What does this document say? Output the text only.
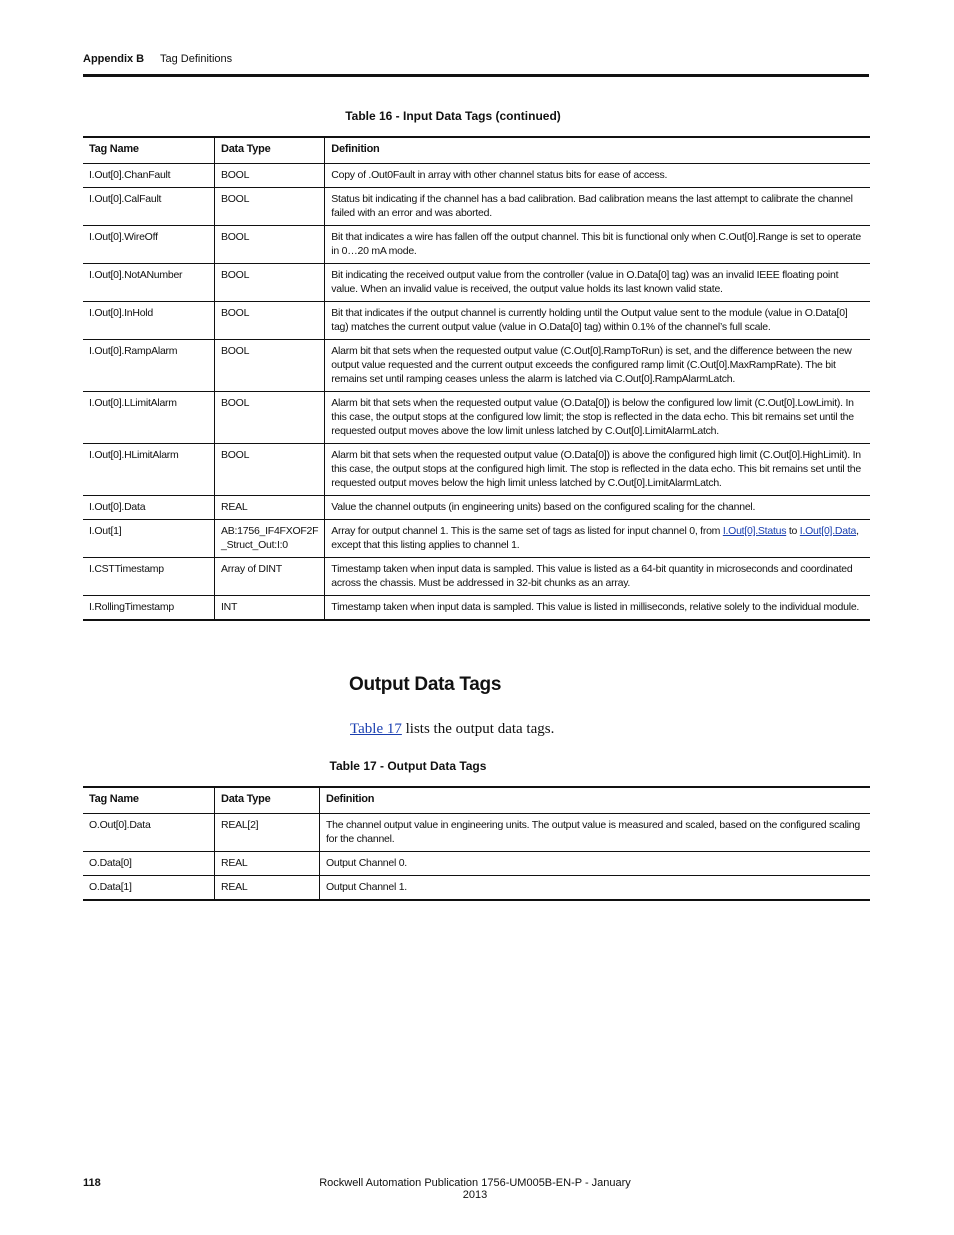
Appendix B Tag Definitions
Table 16 - Input Data Tags (continued)
Tag Name	Data Type	Definition
I.Out[0].ChanFault	BOOL	Copy of .Out0Fault in array with other channel status bits for ease of access.
I.Out[0].CalFault	BOOL	Status bit indicating if the channel has a bad calibration. Bad calibration means the last attempt to calibrate the channel failed with an error and was aborted.
I.Out[0].WireOff	BOOL	Bit that indicates a wire has fallen off the output channel. This bit is functional only when C.Out[0].Range is set to operate in 0…20 mA mode.
I.Out[0].NotANumber	BOOL	Bit indicating the received output value from the controller (value in O.Data[0] tag) was an invalid IEEE floating point value. When an invalid value is received, the output value holds its last known valid state.
I.Out[0].InHold	BOOL	Bit that indicates if the output channel is currently holding until the Output value sent to the module (value in O.Data[0] tag) matches the current output value (value in O.Data[0] tag) within 0.1% of the channel’s full scale.
I.Out[0].RampAlarm	BOOL	Alarm bit that sets when the requested output value (C.Out[0].RampToRun) is set, and the difference between the new output value requested and the current output exceeds the configured ramp limit (C.Out[0].MaxRampRate). The bit remains set until ramping ceases unless the alarm is latched via C.Out[0].RampAlarmLatch.
I.Out[0].LLimitAlarm	BOOL	Alarm bit that sets when the requested output value (O.Data[0]) is below the configured low limit (C.Out[0].LowLimit). In this case, the output stops at the configured low limit; the stop is reflected in the data echo. This bit remains set until the requested output moves above the low limit unless latched by C.Out[0].LimitAlarmLatch.
I.Out[0].HLimitAlarm	BOOL	Alarm bit that sets when the requested output value (O.Data[0]) is above the configured high limit (C.Out[0].HighLimit). In this case, the output stops at the configured high limit. The stop is reflected in the data echo. This bit remains set until the requested output moves below the high limit unless latched by C.Out[0].LimitAlarmLatch.
I.Out[0].Data	REAL	Value the channel outputs (in engineering units) based on the configured scaling for the channel.
I.Out[1]	AB:1756_IF4FXOF2F _Struct_Out:I:0	Array for output channel 1. This is the same set of tags as listed for input channel 0, from I.Out[0].Status to I.Out[0].Data, except that this listing applies to channel 1.
I.CSTTimestamp	Array of DINT	Timestamp taken when input data is sampled. This value is listed as a 64-bit quantity in microseconds and coordinated across the chassis. Must be addressed in 32-bit chunks as an array.
I.RollingTimestamp	INT	Timestamp taken when input data is sampled. This value is listed in milliseconds, relative solely to the individual module.
Output Data Tags
Table 17 lists the output data tags.
Table 17 - Output Data Tags
Tag Name	Data Type	Definition
O.Out[0].Data	REAL[2]	The channel output value in engineering units. The output value is measured and scaled, based on the configured scaling for the channel.
O.Data[0]	REAL	Output Channel 0.
O.Data[1]	REAL	Output Channel 1.
118	Rockwell Automation Publication 1756-UM005B-EN-P - January 2013
